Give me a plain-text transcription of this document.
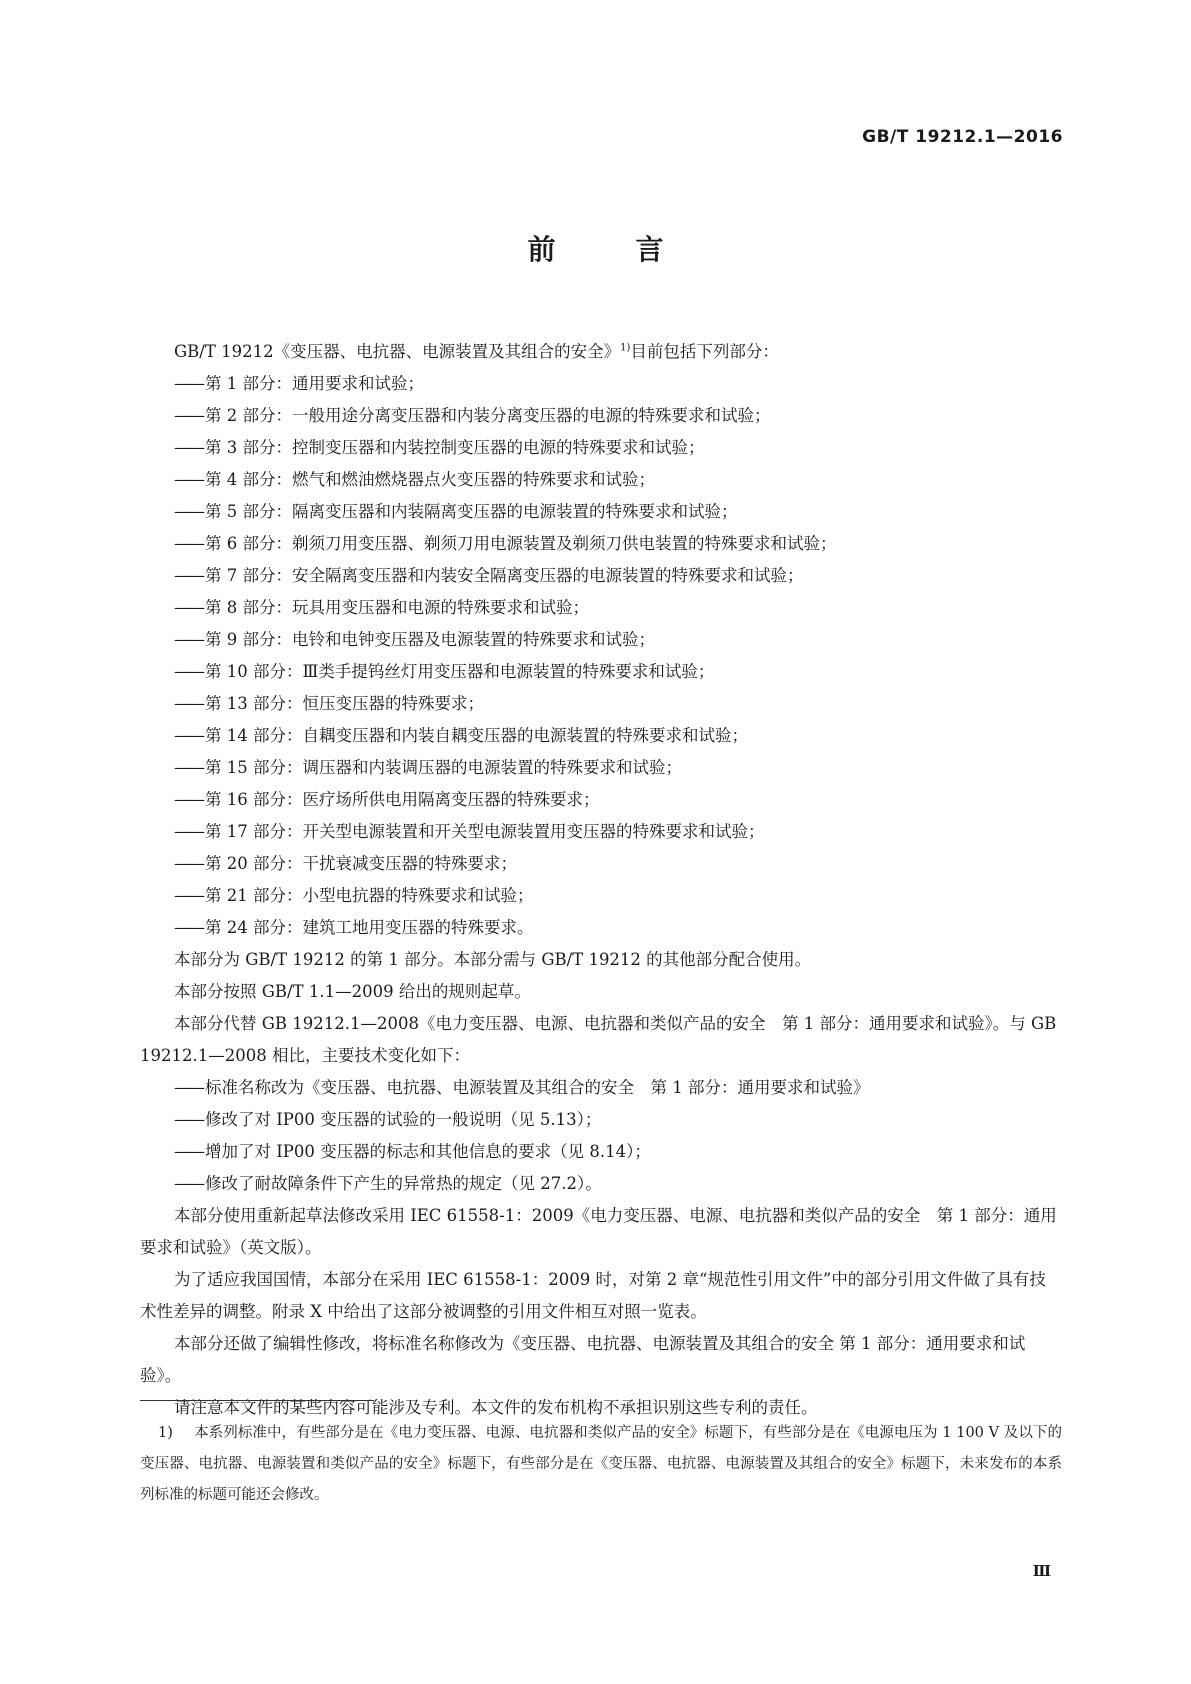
GB/T 19212.1—2016
前　言

GB/T 19212《变压器、电抗器、电源装置及其组合的安全》$^{1)}$目前包括下列部分：

—— 第 1 部分：通用要求和试验；
—— 第 2 部分：一般用途分离变压器和内装分离变压器的电源的特殊要求和试验；
—— 第 3 部分：控制变压器和内装控制变压器的电源的特殊要求和试验；
—— 第 4 部分：燃气和燃油燃烧器点火变压器的特殊要求和试验；
—— 第 5 部分：隔离变压器和内装隔离变压器的电源装置的特殊要求和试验；
—— 第 6 部分：剃须刀用变压器、剃须刀用电源装置及剃须刀供电装置的特殊要求和试验；
—— 第 7 部分：安全隔离变压器和内装安全隔离变压器的电源装置的特殊要求和试验；
—— 第 8 部分：玩具用变压器和电源的特殊要求和试验；
—— 第 9 部分：电铃和电钟变压器及电源装置的特殊要求和试验；
—— 第 10 部分：Ⅲ类手提钨丝灯用变压器和电源装置的特殊要求和试验；
—— 第 13 部分：恒压变压器的特殊要求；
—— 第 14 部分：自耦变压器和内装自耦变压器的电源装置的特殊要求和试验；
—— 第 15 部分：调压器和内装调压器的电源装置的特殊要求和试验；
—— 第 16 部分：医疗场所供电用隔离变压器的特殊要求；
—— 第 17 部分：开关型电源装置和开关型电源装置用变压器的特殊要求和试验；
—— 第 20 部分：干扰衰减变压器的特殊要求；
—— 第 21 部分：小型电抗器的特殊要求和试验；
—— 第 24 部分：建筑工地用变压器的特殊要求。

本部分为 GB/T 19212 的第 1 部分。本部分需与 GB/T 19212 的其他部分配合使用。

本部分按照 GB/T 1.1—2009 给出的规则起草。

本部分代替 GB 19212.1—2008《电力变压器、电源、电抗器和类似产品的安全　第 1 部分：通用要求和试验》。与 GB 19212.1—2008 相比，主要技术变化如下：

—— 标准名称改为《变压器、电抗器、电源装置及其组合的安全　第 1 部分：通用要求和试验》
—— 修改了对 IP00 变压器的试验的一般说明（见 5.13）；
—— 增加了对 IP00 变压器的标志和其他信息的要求（见 8.14）；
—— 修改了耐故障条件下产生的异常热的规定（见 27.2）。

本部分使用重新起草法修改采用 IEC 61558-1：2009《电力变压器、电源、电抗器和类似产品的安全　第 1 部分：通用要求和试验》（英文版）。

为了适应我国国情，本部分在采用 IEC 61558-1：2009 时，对第 2 章“规范性引用文件”中的部分引用文件做了具有技术性差异的调整。附录 X 中给出了这部分被调整的引用文件相互对照一览表。

本部分还做了编辑性修改，将标准名称修改为《变压器、电抗器、电源装置及其组合的安全 第 1 部分：通用要求和试验》。

请注意本文件的某些内容可能涉及专利。本文件的发布机构不承担识别这些专利的责任。

1) 本系列标准中，有些部分是在《电力变压器、电源、电抗器和类似产品的安全》标题下，有些部分是在《电源电压为 1 100 V 及以下的变压器、电抗器、电源装置和类似产品的安全》标题下，有些部分是在《变压器、电抗器、电源装置及其组合的安全》标题下，未来发布的本系列标准的标题可能还会修改。
Ⅲ
